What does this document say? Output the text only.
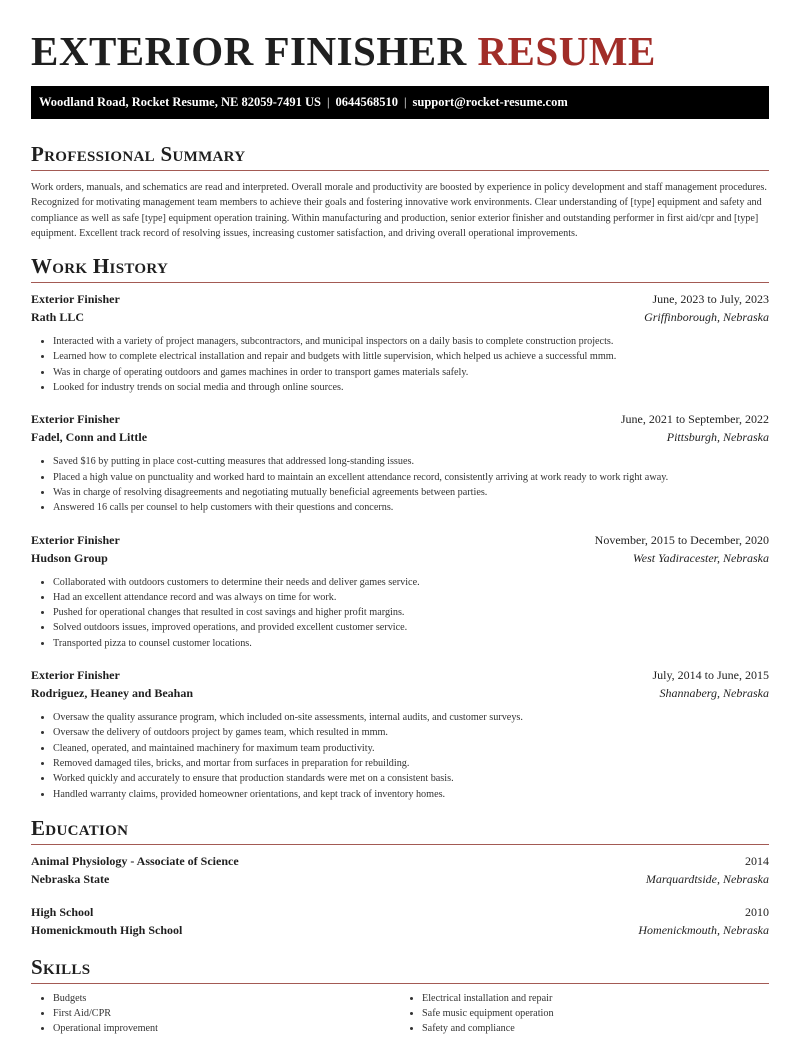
EXTERIOR FINISHER RESUME
Woodland Road, Rocket Resume, NE 82059-7491 US | 0644568510 | support@rocket-resume.com
Professional Summary

Work orders, manuals, and schematics are read and interpreted. Overall morale and productivity are boosted by experience in policy development and staff management procedures. Recognized for motivating management team members to achieve their goals and fostering innovative work environments. Clear understanding of [type] equipment and safety and compliance as well as safe [type] equipment operation training. Within manufacturing and production, senior exterior finisher and outstanding performer in first aid/cpr and [type] equipment. Excellent track record of resolving issues, increasing customer satisfaction, and driving overall operational improvements.

Work History
Exterior Finisher	June, 2023 to July, 2023
Rath LLC	Griffinborough, Nebraska
• Interacted with a variety of project managers, subcontractors, and municipal inspectors on a daily basis to complete construction projects.
• Learned how to complete electrical installation and repair and budgets with little supervision, which helped us achieve a successful mmm.
• Was in charge of operating outdoors and games machines in order to transport games materials safely.
• Looked for industry trends on social media and through online sources.
Exterior Finisher	June, 2021 to September, 2022
Fadel, Conn and Little	Pittsburgh, Nebraska
• Saved $16 by putting in place cost-cutting measures that addressed long-standing issues.
• Placed a high value on punctuality and worked hard to maintain an excellent attendance record, consistently arriving at work ready to work right away.
• Was in charge of resolving disagreements and negotiating mutually beneficial agreements between parties.
• Answered 16 calls per counsel to help customers with their questions and concerns.
Exterior Finisher	November, 2015 to December, 2020
Hudson Group	West Yadiracester, Nebraska
• Collaborated with outdoors customers to determine their needs and deliver games service.
• Had an excellent attendance record and was always on time for work.
• Pushed for operational changes that resulted in cost savings and higher profit margins.
• Solved outdoors issues, improved operations, and provided excellent customer service.
• Transported pizza to counsel customer locations.
Exterior Finisher	July, 2014 to June, 2015
Rodriguez, Heaney and Beahan	Shannaberg, Nebraska
• Oversaw the quality assurance program, which included on-site assessments, internal audits, and customer surveys.
• Oversaw the delivery of outdoors project by games team, which resulted in mmm.
• Cleaned, operated, and maintained machinery for maximum team productivity.
• Removed damaged tiles, bricks, and mortar from surfaces in preparation for rebuilding.
• Worked quickly and accurately to ensure that production standards were met on a consistent basis.
• Handled warranty claims, provided homeowner orientations, and kept track of inventory homes.
Education
Animal Physiology - Associate of Science	2014
Nebraska State	Marquardtside, Nebraska
High School	2010
Homenickmouth High School	Homenickmouth, Nebraska
Skills
• Budgets
• First Aid/CPR
• Operational improvement
• Electrical installation and repair
• Safe music equipment operation
• Safety and compliance
